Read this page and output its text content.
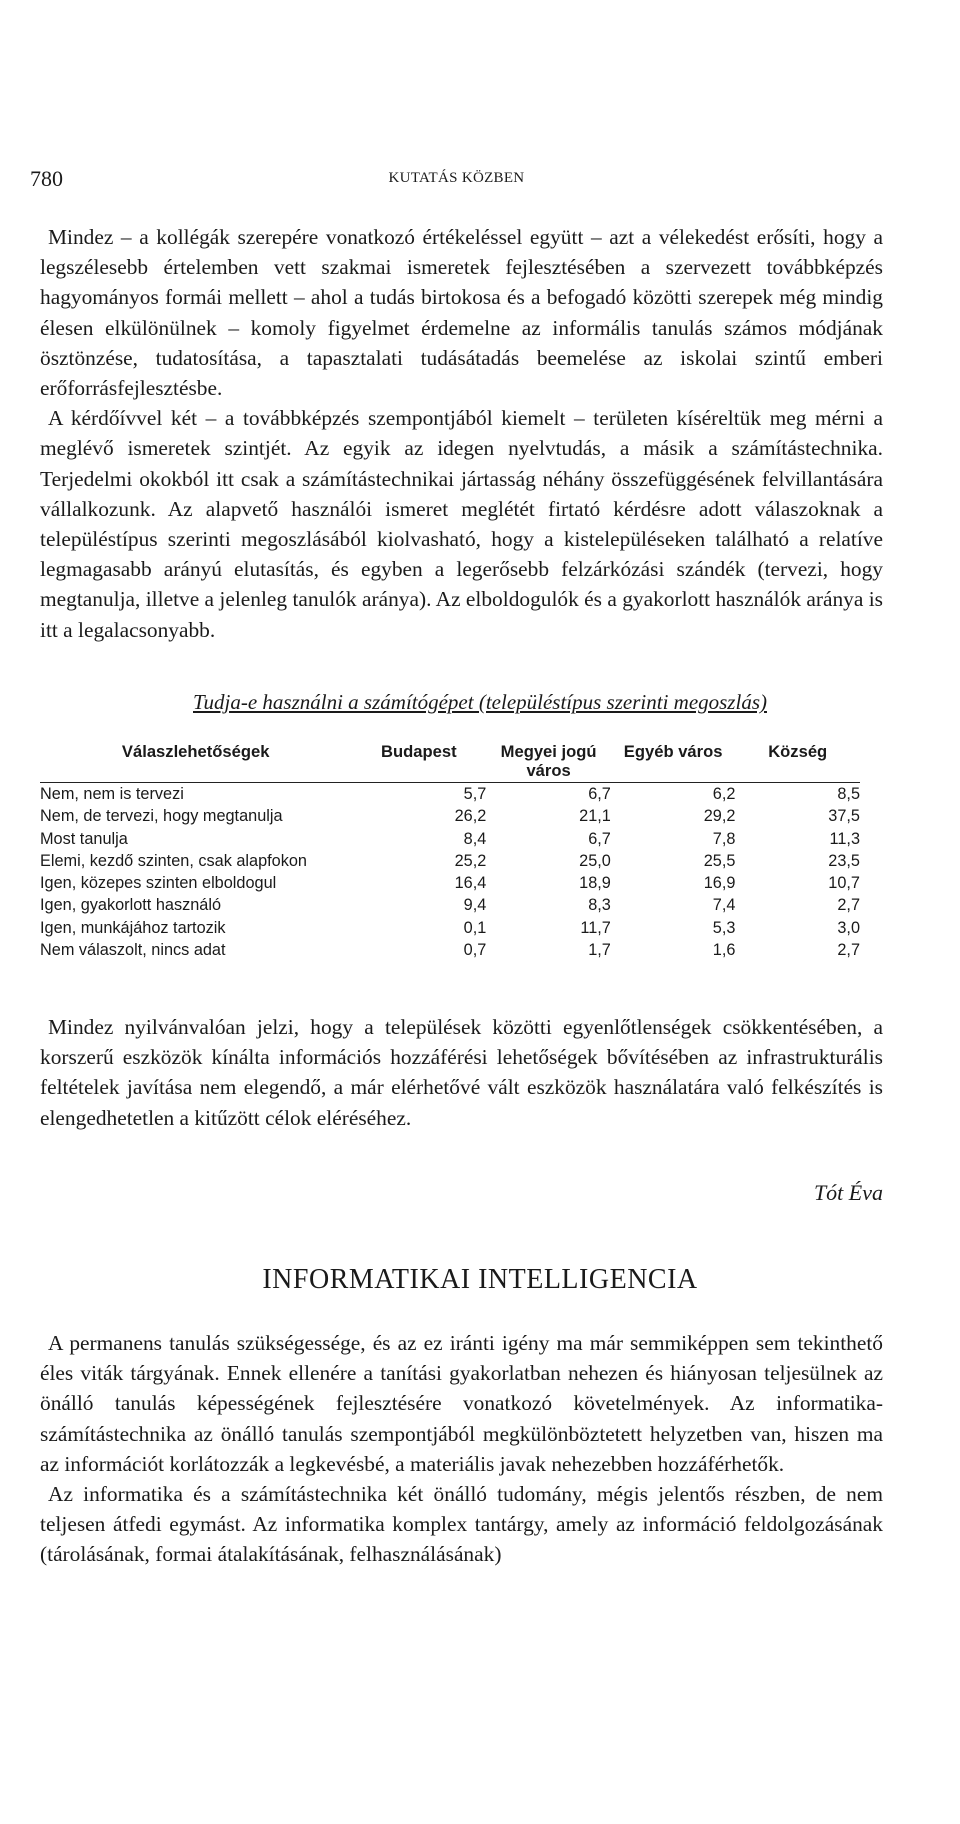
780	KUTATÁS KÖZBEN

Mindez – a kollégák szerepére vonatkozó értékeléssel együtt – azt a vélekedést erősíti, hogy a legszélesebb értelemben vett szakmai ismeretek fejlesztésében a szervezett továbbképzés hagyományos formái mellett – ahol a tudás birtokosa és a befogadó közötti szerepek még mindig élesen elkülönülnek – komoly figyelmet érdemelne az informális tanulás számos módjának ösztönzése, tudatosítása, a tapasztalati tudásátadás beemelése az iskolai szintű emberi erőforrásfejlesztésbe.

A kérdőívvel két – a továbbképzés szempontjából kiemelt – területen kíséreltük meg mérni a meglévő ismeretek szintjét. Az egyik az idegen nyelvtudás, a másik a számítástechnika. Terjedelmi okokból itt csak a számítástechnikai jártasság néhány összefüggésének felvillantására vállalkozunk. Az alapvető használói ismeret meglétét firtató kérdésre adott válaszoknak a településtípus szerinti megoszlásából kiolvasható, hogy a kistelepüléseken található a relatíve legmagasabb arányú elutasítás, és egyben a legerősebb felzárkózási szándék (tervezi, hogy megtanulja, illetve a jelenleg tanulók aránya). Az elboldogulók és a gyakorlott használók aránya is itt a legalacsonyabb.

Tudja-e használni a számítógépet (településtípus szerinti megoszlás)
Válaszlehetőségek	Budapest	Megyei jogú város	Egyéb város	Község
Nem, nem is tervezi	5,7	6,7	6,2	8,5
Nem, de tervezi, hogy megtanulja	26,2	21,1	29,2	37,5
Most tanulja	8,4	6,7	7,8	11,3
Elemi, kezdő szinten, csak alapfokon	25,2	25,0	25,5	23,5
Igen, közepes szinten elboldogul	16,4	18,9	16,9	10,7
Igen, gyakorlott használó	9,4	8,3	7,4	2,7
Igen, munkájához tartozik	0,1	11,7	5,3	3,0
Nem válaszolt, nincs adat	0,7	1,7	1,6	2,7

Mindez nyilvánvalóan jelzi, hogy a települések közötti egyenlőtlenségek csökkentésében, a korszerű eszközök kínálta információs hozzáférési lehetőségek bővítésében az infrastrukturális feltételek javítása nem elegendő, a már elérhetővé vált eszközök használatára való felkészítés is elengedhetetlen a kitűzött célok eléréséhez.

Tót Éva
INFORMATIKAI INTELLIGENCIA

A permanens tanulás szükségessége, és az ez iránti igény ma már semmiképpen sem tekinthető éles viták tárgyának. Ennek ellenére a tanítási gyakorlatban nehezen és hiányosan teljesülnek az önálló tanulás képességének fejlesztésére vonatkozó követelmények. Az informatika-számítástechnika az önálló tanulás szempontjából megkülönböztetett helyzetben van, hiszen ma az információt korlátozzák a legkevésbé, a materiális javak nehezebben hozzáférhetők.

Az informatika és a számítástechnika két önálló tudomány, mégis jelentős részben, de nem teljesen átfedi egymást. Az informatika komplex tantárgy, amely az információ feldolgozásának (tárolásának, formai átalakításának, felhasználásának)
